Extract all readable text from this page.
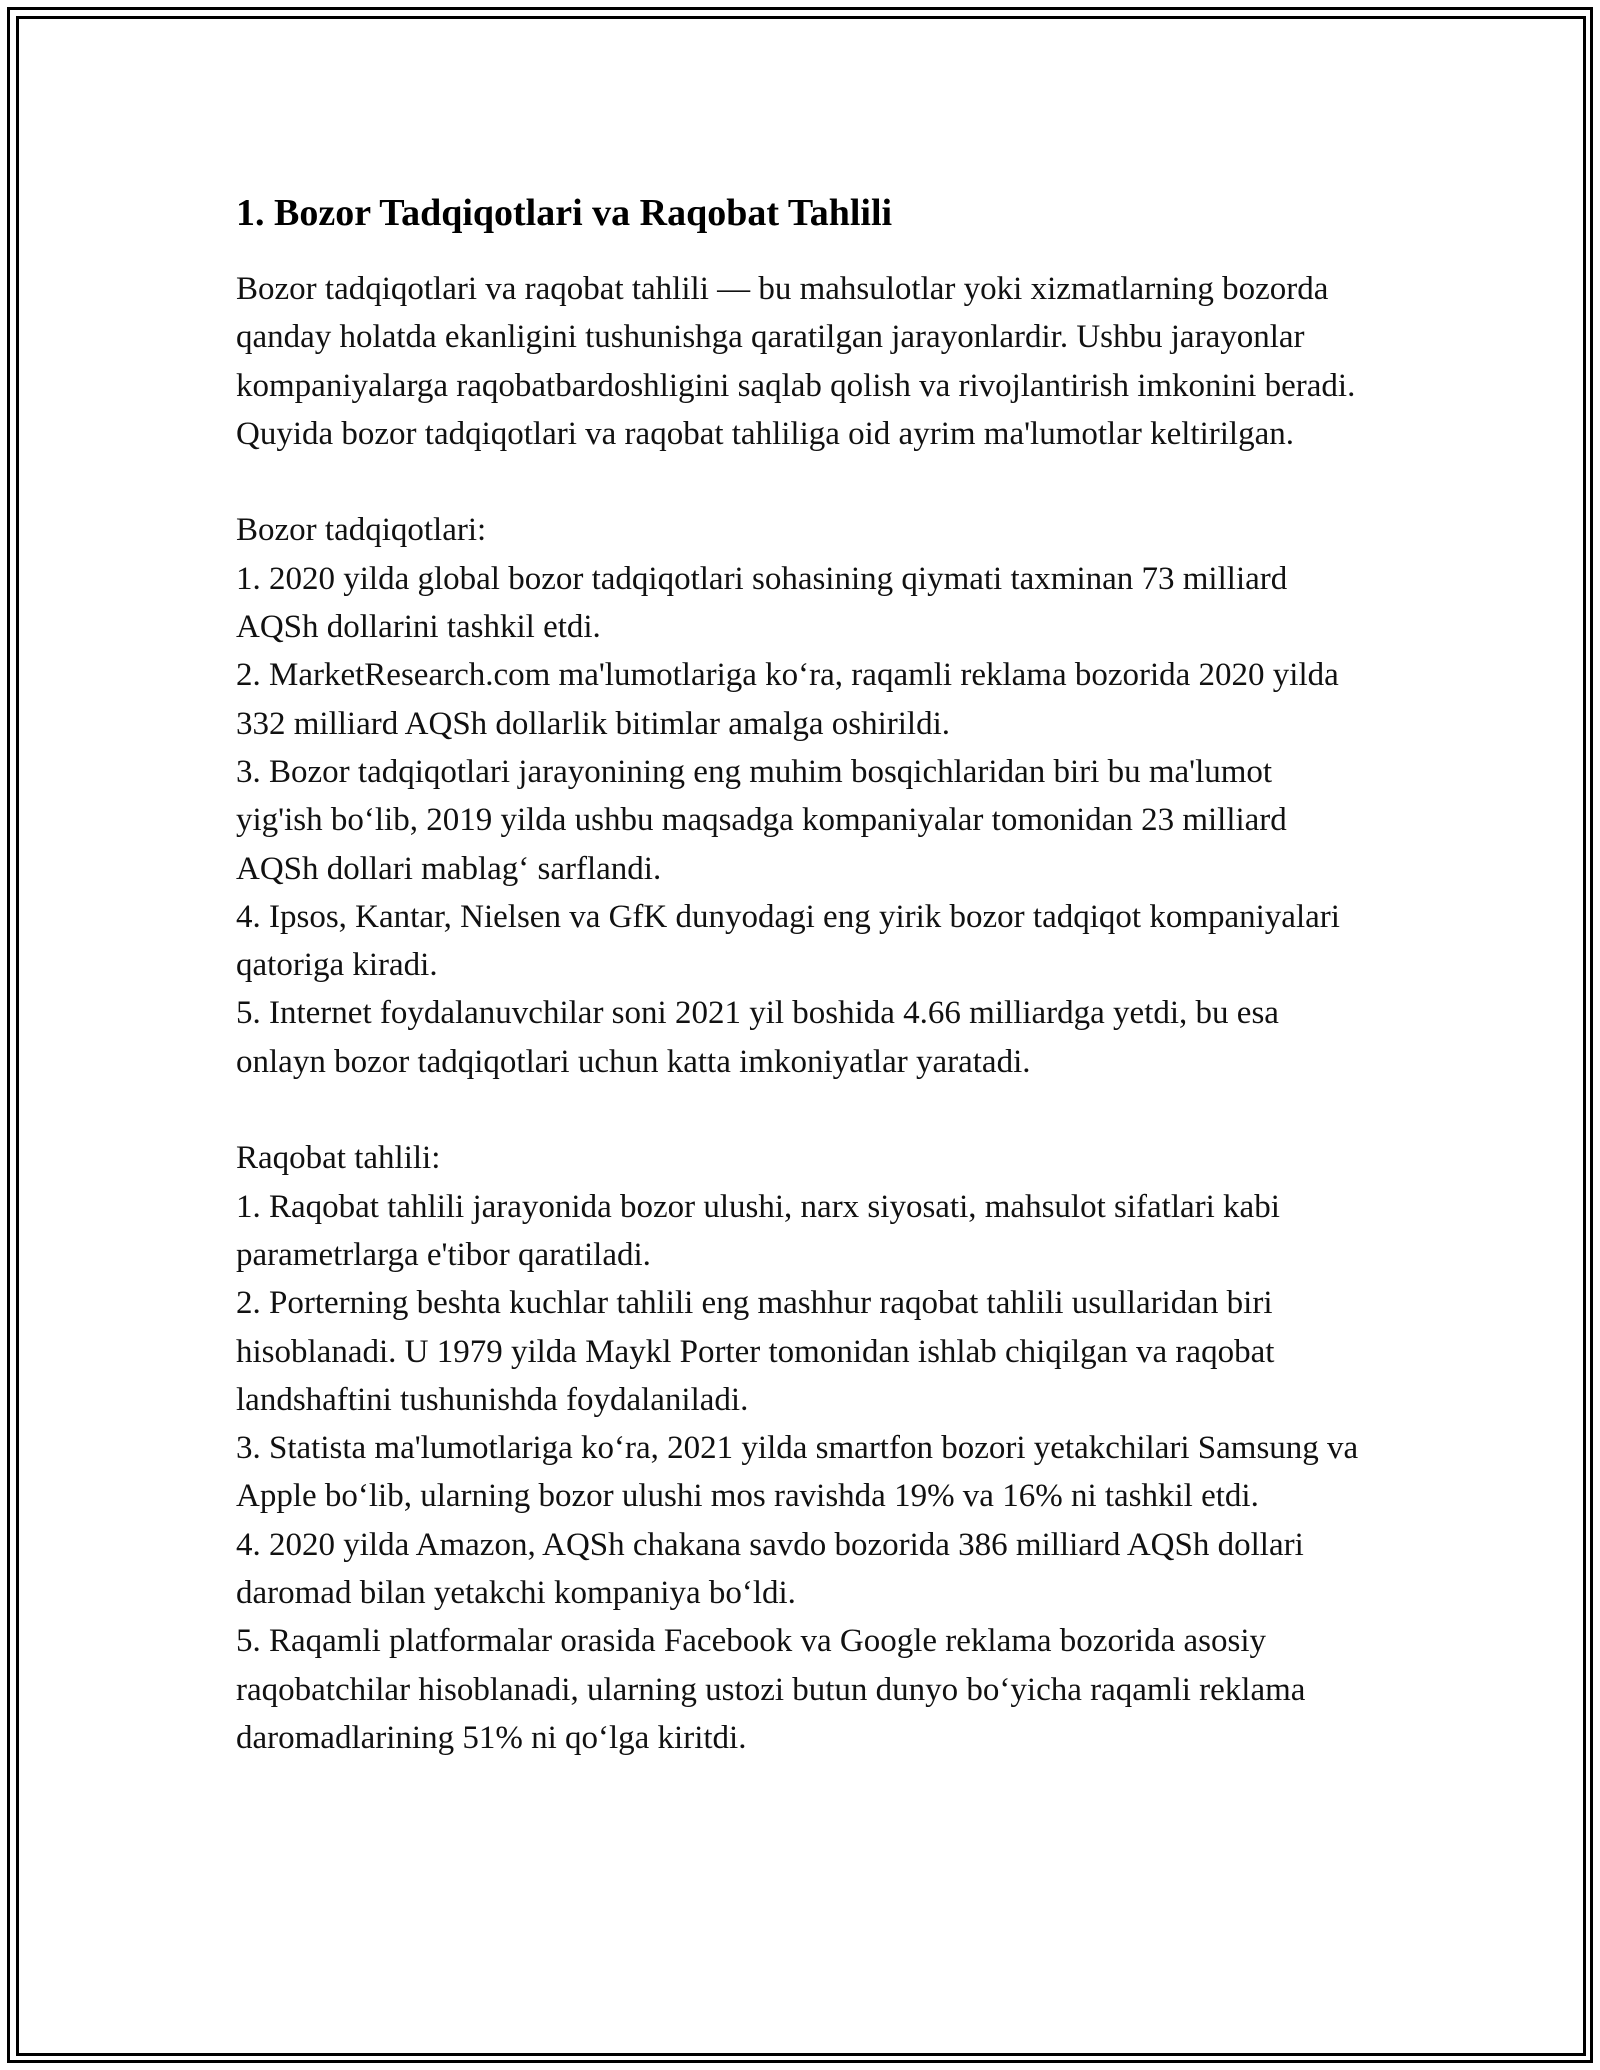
1. Bozor Tadqiqotlari va Raqobat Tahlili

Bozor tadqiqotlari va raqobat tahlili — bu mahsulotlar yoki xizmatlarning bozorda qanday holatda ekanligini tushunishga qaratilgan jarayonlardir. Ushbu jarayonlar kompaniyalarga raqobatbardoshligini saqlab qolish va rivojlantirish imkonini beradi. Quyida bozor tadqiqotlari va raqobat tahliliga oid ayrim ma'lumotlar keltirilgan.

Bozor tadqiqotlari:

1. 2020 yilda global bozor tadqiqotlari sohasining qiymati taxminan 73 milliard AQSh dollarini tashkil etdi.

2. MarketResearch.com ma'lumotlariga ko‘ra, raqamli reklama bozorida 2020 yilda 332 milliard AQSh dollarlik bitimlar amalga oshirildi.

3. Bozor tadqiqotlari jarayonining eng muhim bosqichlaridan biri bu ma'lumot yig'ish bo‘lib, 2019 yilda ushbu maqsadga kompaniyalar tomonidan 23 milliard AQSh dollari mablag‘ sarflandi.

4. Ipsos, Kantar, Nielsen va GfK dunyodagi eng yirik bozor tadqiqot kompaniyalari qatoriga kiradi.

5. Internet foydalanuvchilar soni 2021 yil boshida 4.66 milliardga yetdi, bu esa onlayn bozor tadqiqotlari uchun katta imkoniyatlar yaratadi.

Raqobat tahlili:

1. Raqobat tahlili jarayonida bozor ulushi, narx siyosati, mahsulot sifatlari kabi parametrlarga e'tibor qaratiladi.

2. Porterning beshta kuchlar tahlili eng mashhur raqobat tahlili usullaridan biri hisoblanadi. U 1979 yilda Maykl Porter tomonidan ishlab chiqilgan va raqobat landshaftini tushunishda foydalaniladi.

3. Statista ma'lumotlariga ko‘ra, 2021 yilda smartfon bozori yetakchilari Samsung va Apple bo‘lib, ularning bozor ulushi mos ravishda 19% va 16% ni tashkil etdi.

4. 2020 yilda Amazon, AQSh chakana savdo bozorida 386 milliard AQSh dollari daromad bilan yetakchi kompaniya bo‘ldi.

5. Raqamli platformalar orasida Facebook va Google reklama bozorida asosiy raqobatchilar hisoblanadi, ularning ustozi butun dunyo bo‘yicha raqamli reklama daromadlarining 51% ni qo‘lga kiritdi.
